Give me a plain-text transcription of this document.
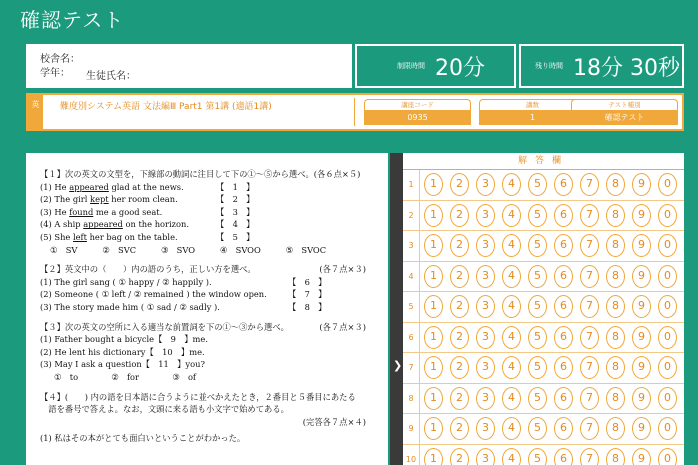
確認テスト
校舎名：
学年：	生徒氏名：
制限時間 20分	残り時間 18分 30秒
英	難度別システム英語 文法編Ⅲ Part1 第1講 (適語1講)	講座コード
0935
講数
1
テスト種別
確認テスト
【１】次の英文の文型を，下線部の動詞に注目して下の①～⑤から選べ。(各６点×５)
(1) He appeared glad at the news.	【　1　】
(2) The girl kept her room clean.	【　2　】
(3) He found me a good seat.	【　3　】
(4) A ship appeared on the horizon.	【　4　】
(5) She left her bag on the table.	【　5　】
①　SV　　　②　SVC　　　③　SVO　　　④　SVOO　　　⑤　SVOC
【２】英文中の（　　）内の語のうち，正しい方を選べ。	(各７点×３)
(1) The girl sang ( ① happy / ② happily ).	【　6　】
(2) Someone ( ① left / ② remained ) the window open.	【　7　】
(3) The story made him ( ① sad / ② sadly ).	【　8　】
【３】次の英文の空所に入る適当な前置詞を下の①～③から選べ。	(各７点×３)
(1) Father bought a bicycle【　9　】me.
(2) He lent his dictionary【　10　】me.
(3) May I ask a question【　11　】you?
①　to　　　　②　for　　　　③　of
【４】(　　) 内の語を日本語に合うように並べかえたとき，２番目と５番目にあたる
　語を番号で答えよ。なお，文頭に来る語も小文字で始めてある。
(完答各７点×４)
(1) 私はその本がとても面白いということがわかった。
❯
解答欄
1	1	2	3	4	5	6	7	8	9	0
2	1	2	3	4	5	6	7	8	9	0
3	1	2	3	4	5	6	7	8	9	0
4	1	2	3	4	5	6	7	8	9	0
5	1	2	3	4	5	6	7	8	9	0
6	1	2	3	4	5	6	7	8	9	0
7	1	2	3	4	5	6	7	8	9	0
8	1	2	3	4	5	6	7	8	9	0
9	1	2	3	4	5	6	7	8	9	0
10	1	2	3	4	5	6	7	8	9	0
